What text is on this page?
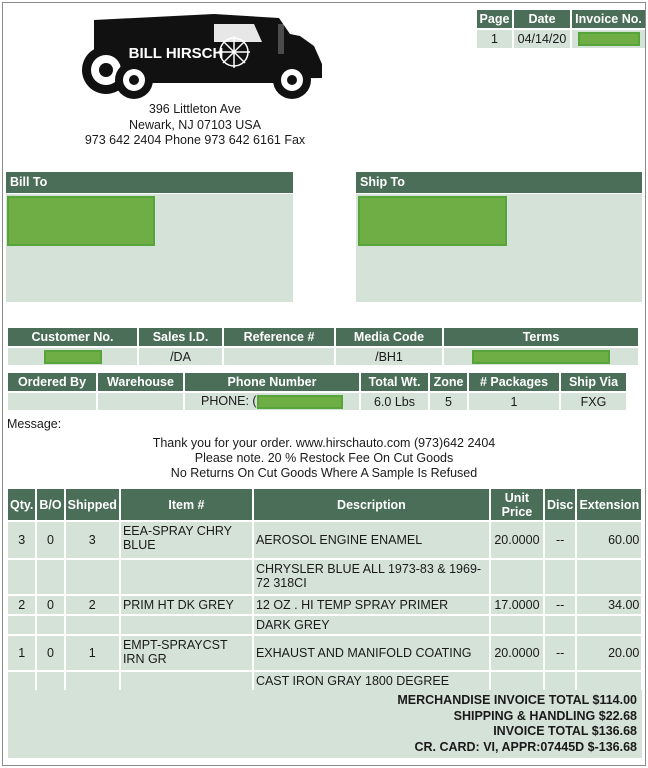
BILL HIRSCH
396 Littleton Ave
Newark, NJ 07103 USA
973 642 2404 Phone 973 642 6161 Fax
Page	Date	Invoice No.
1	04/14/20	
Bill To	Ship To
Customer No.	Sales I.D.	Reference #	Media Code	Terms

	/DA		/BH1	
Ordered By	Warehouse	Phone Number	Total Wt.	Zone	# Packages	Ship Via
		PHONE: (	6.0 Lbs	5	1	FXG
Message:
Thank you for your order. www.hirschauto.com (973)642 2404
Please note. 20 % Restock Fee On Cut Goods
No Returns On Cut Goods Where A Sample Is Refused
Qty.	B/O	Shipped	Item #	Description	Unit Price	Disc	Extension
3	0	3	EEA-SPRAY CHRY BLUE	AEROSOL ENGINE ENAMEL	20.0000	--	60.00
				CHRYSLER BLUE ALL 1973-83 & 1969-72 318CI			
2	0	2	PRIM HT DK GREY	12 OZ . HI TEMP SPRAY PRIMER	17.0000	--	34.00
				DARK GREY			
1	0	1	EMPT-SPRAYCST IRN GR	EXHAUST AND MANIFOLD COATING	20.0000	--	20.00
				CAST IRON GRAY 1800 DEGREE			
MERCHANDISE INVOICE TOTAL $114.00
SHIPPING & HANDLING $22.68
INVOICE TOTAL $136.68
CR. CARD: VI, APPR:07445D $-136.68
